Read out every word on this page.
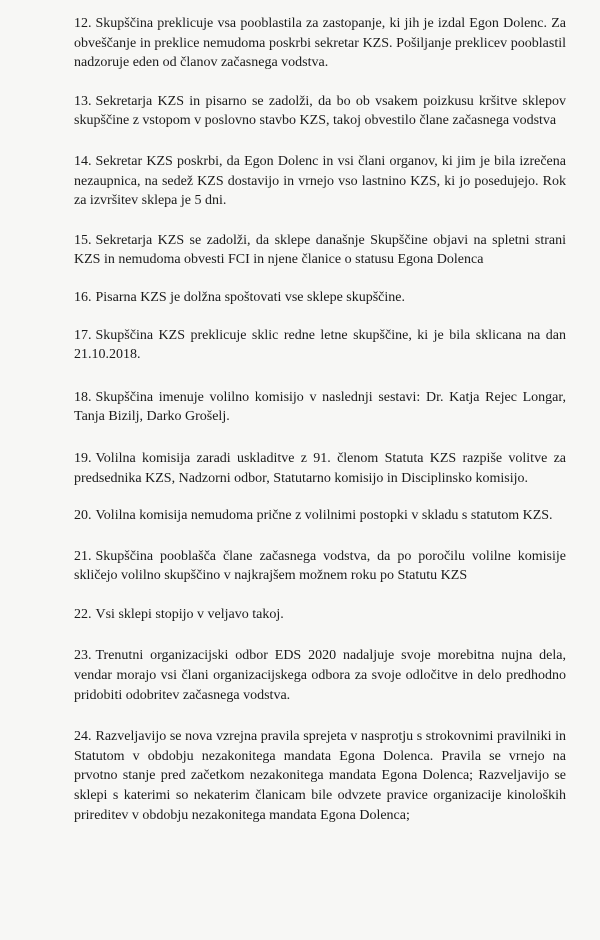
12. Skupščina preklicuje vsa pooblastila za zastopanje, ki jih je izdal Egon Dolenc. Za obveščanje in preklice nemudoma poskrbi sekretar KZS. Pošiljanje preklicev pooblastil nadzoruje eden od članov začasnega vodstva.

13. Sekretarja KZS in pisarno se zadolži, da bo ob vsakem poizkusu kršitve sklepov skupščine z vstopom v poslovno stavbo KZS, takoj obvestilo člane začasnega vodstva

14. Sekretar KZS poskrbi, da Egon Dolenc in vsi člani organov, ki jim je bila izrečena nezaupnica, na sedež KZS dostavijo in vrnejo vso lastnino KZS, ki jo posedujejo. Rok za izvršitev sklepa je 5 dni.

15. Sekretarja KZS se zadolži, da sklepe današnje Skupščine objavi na spletni strani KZS in nemudoma obvesti FCI in njene članice o statusu Egona Dolenca

16. Pisarna KZS je dolžna spoštovati vse sklepe skupščine.

17. Skupščina KZS preklicuje sklic redne letne skupščine, ki je bila sklicana na dan 21.10.2018.

18. Skupščina imenuje volilno komisijo v naslednji sestavi: Dr. Katja Rejec Longar, Tanja Bizilj, Darko Grošelj.

19. Volilna komisija zaradi uskladitve z 91. členom Statuta KZS razpiše volitve za predsednika KZS, Nadzorni odbor, Statutarno komisijo in Disciplinsko komisijo.

20. Volilna komisija nemudoma prične z volilnimi postopki v skladu s statutom KZS.

21. Skupščina pooblašča člane začasnega vodstva, da po poročilu volilne komisije skličejo volilno skupščino v najkrajšem možnem roku po Statutu KZS

22. Vsi sklepi stopijo v veljavo takoj.

23. Trenutni organizacijski odbor EDS 2020 nadaljuje svoje morebitna nujna dela, vendar morajo vsi člani organizacijskega odbora za svoje odločitve in delo predhodno pridobiti odobritev začasnega vodstva.

24. Razveljavijo se nova vzrejna pravila sprejeta v nasprotju s strokovnimi pravilniki in Statutom v obdobju nezakonitega mandata Egona Dolenca. Pravila se vrnejo na prvotno stanje pred začetkom nezakonitega mandata Egona Dolenca; Razveljavijo se sklepi s katerimi so nekaterim članicam bile odvzete pravice organizacije kinoloških prireditev v obdobju nezakonitega mandata Egona Dolenca;
